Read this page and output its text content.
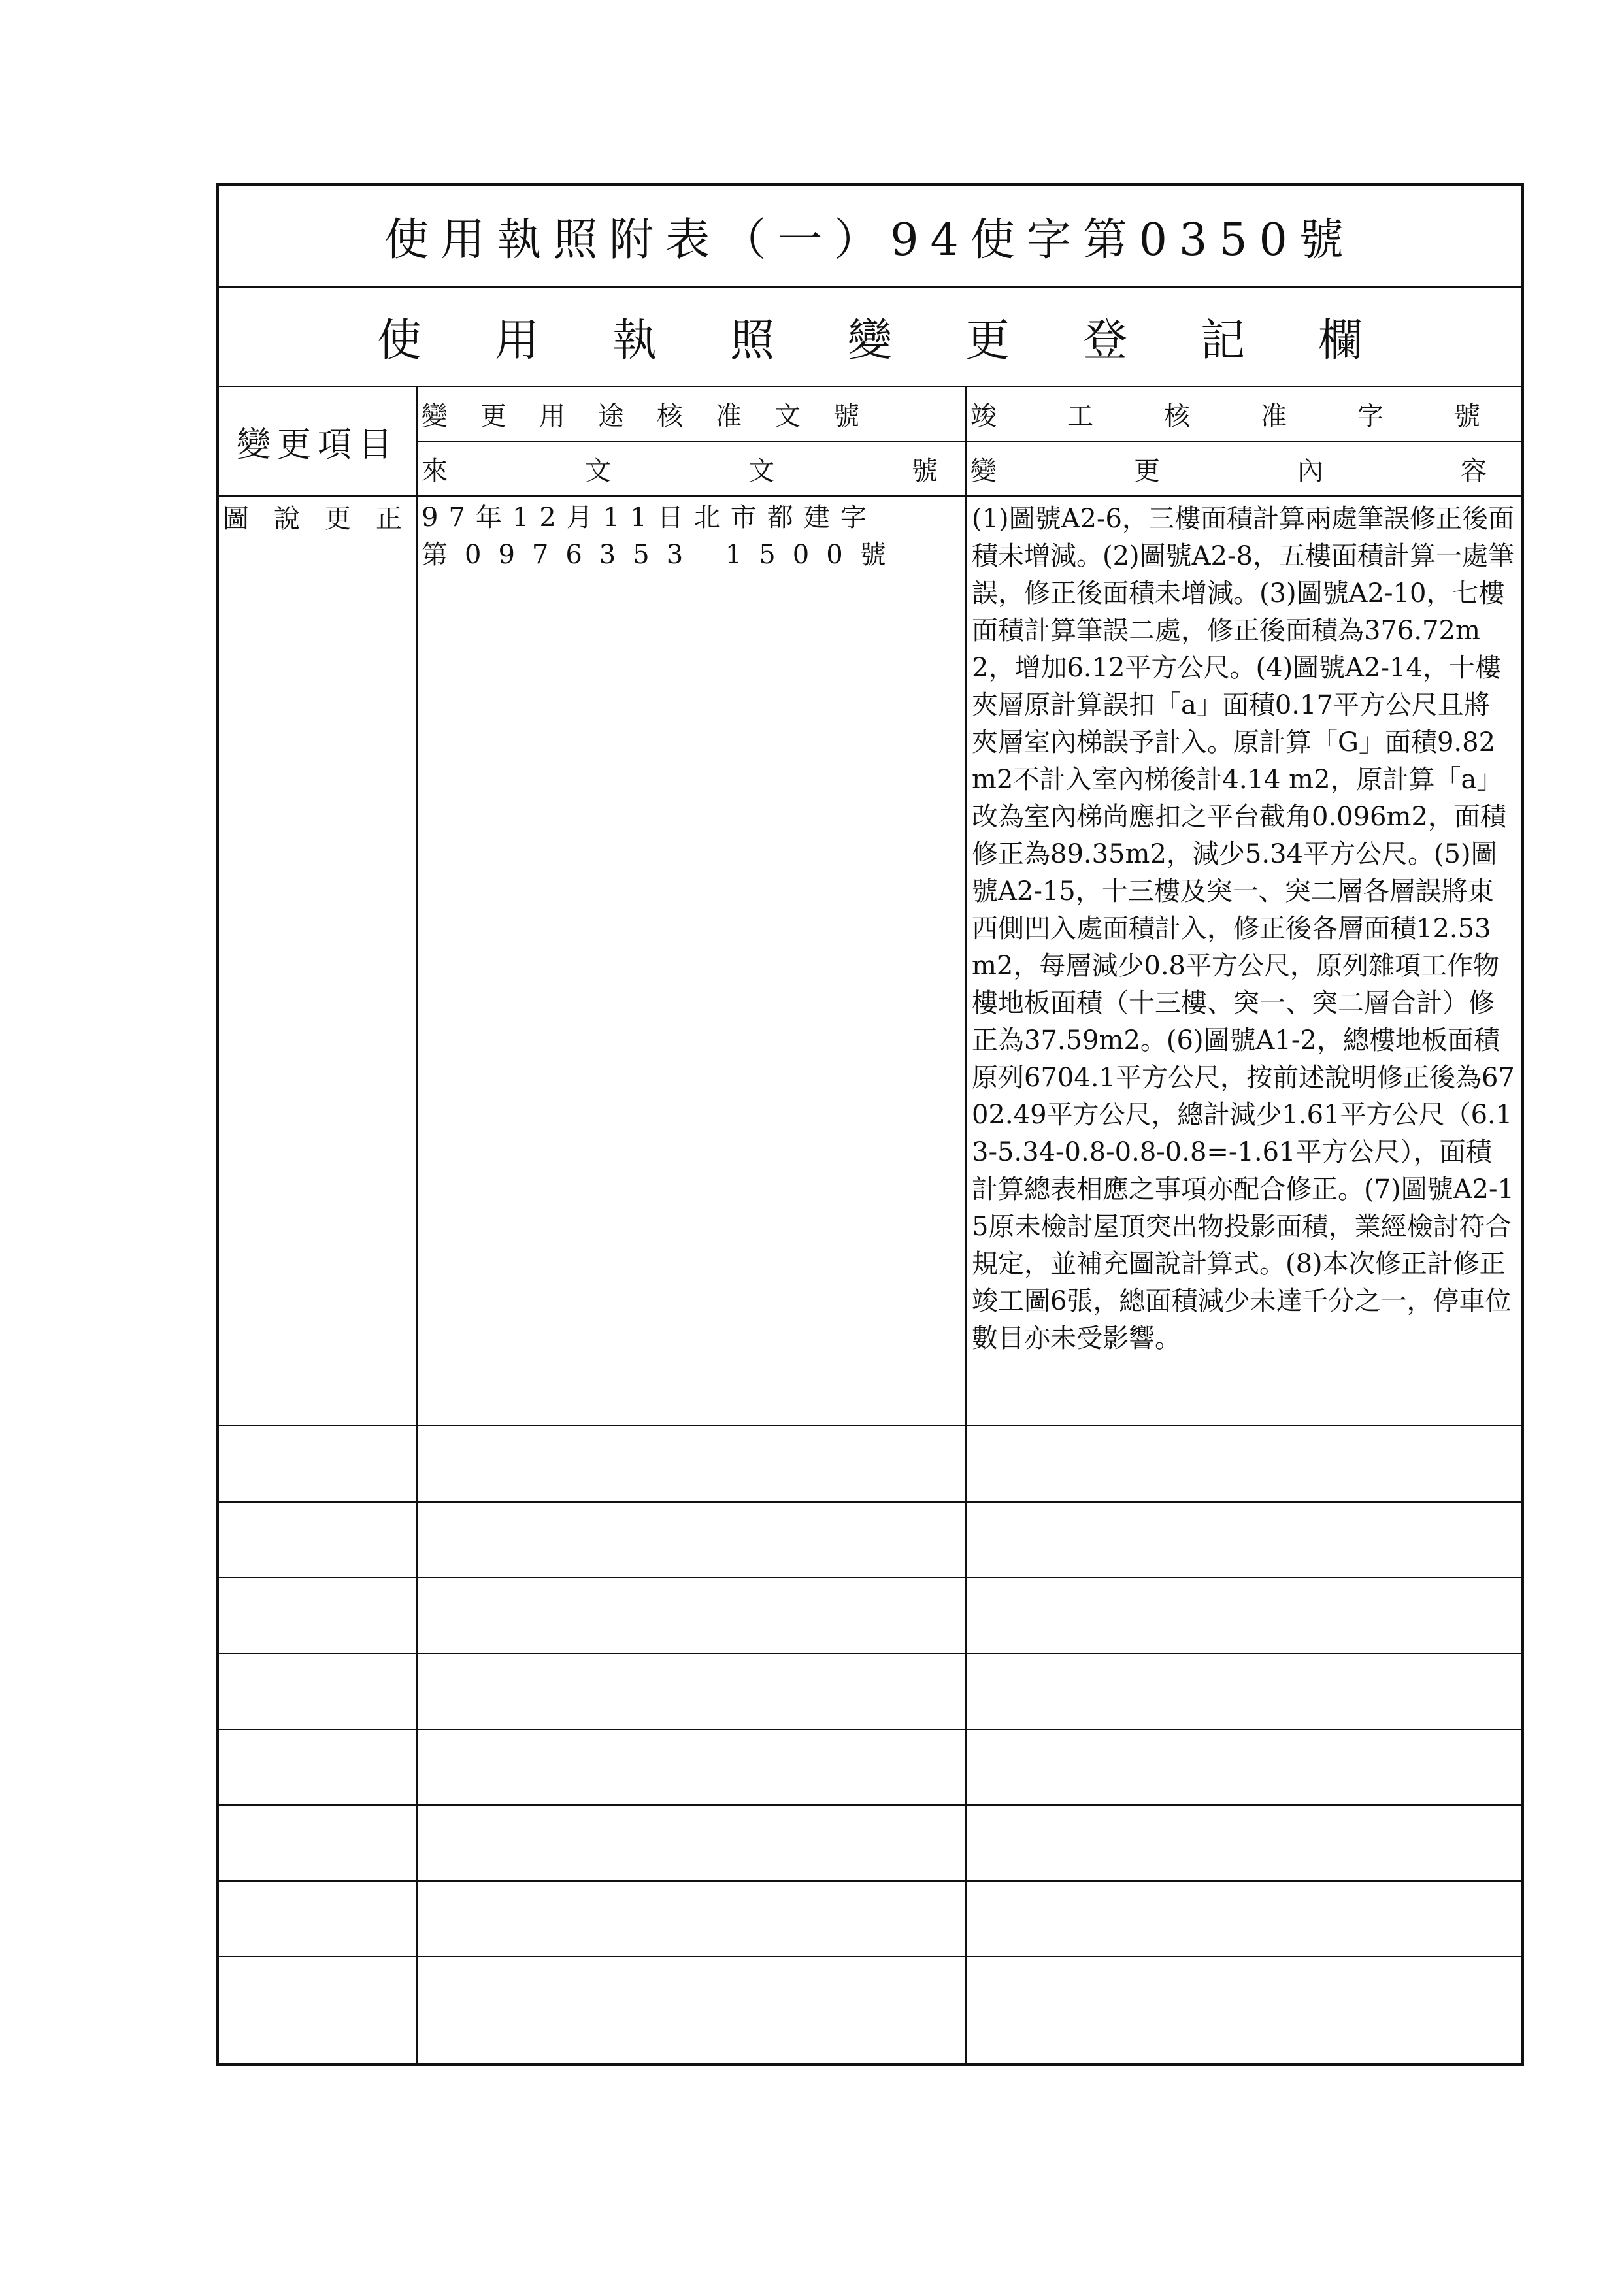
使用執照附表（一）94使字第0350號
使用執照變更登記欄
變更項目
變更用途核准文號	竣工核准字號
來文文號
變更內容
圖說更正
97年12月11日北市都建字
第0976353 1500號
(1)圖號A2-6，三樓面積計算兩處筆誤修正後面積未增減。(2)圖號A2-8，五樓面積計算一處筆誤，修正後面積未增減。(3)圖號A2-10，七樓面積計算筆誤二處，修正後面積為376.72m2，增加6.12平方公尺。(4)圖號A2-14，十樓夾層原計算誤扣「a」面積0.17平方公尺且將夾層室內梯誤予計入。原計算「G」面積9.82 m2不計入室內梯後計4.14 m2，原計算「a」改為室內梯尚應扣之平台截角0.096m2，面積修正為89.35m2，減少5.34平方公尺。(5)圖號A2-15，十三樓及突一、突二層各層誤將東西側凹入處面積計入，修正後各層面積12.53m2，每層減少0.8平方公尺，原列雜項工作物樓地板面積（十三樓、突一、突二層合計）修正為37.59m2。(6)圖號A1-2，總樓地板面積原列6704.1平方公尺，按前述說明修正後為6702.49平方公尺，總計減少1.61平方公尺（6.13-5.34-0.8-0.8-0.8=-1.61平方公尺），面積計算總表相應之事項亦配合修正。(7)圖號A2-15原未檢討屋頂突出物投影面積，業經檢討符合規定，並補充圖說計算式。(8)本次修正計修正竣工圖6張，總面積減少未達千分之一，停車位數目亦未受影響。
